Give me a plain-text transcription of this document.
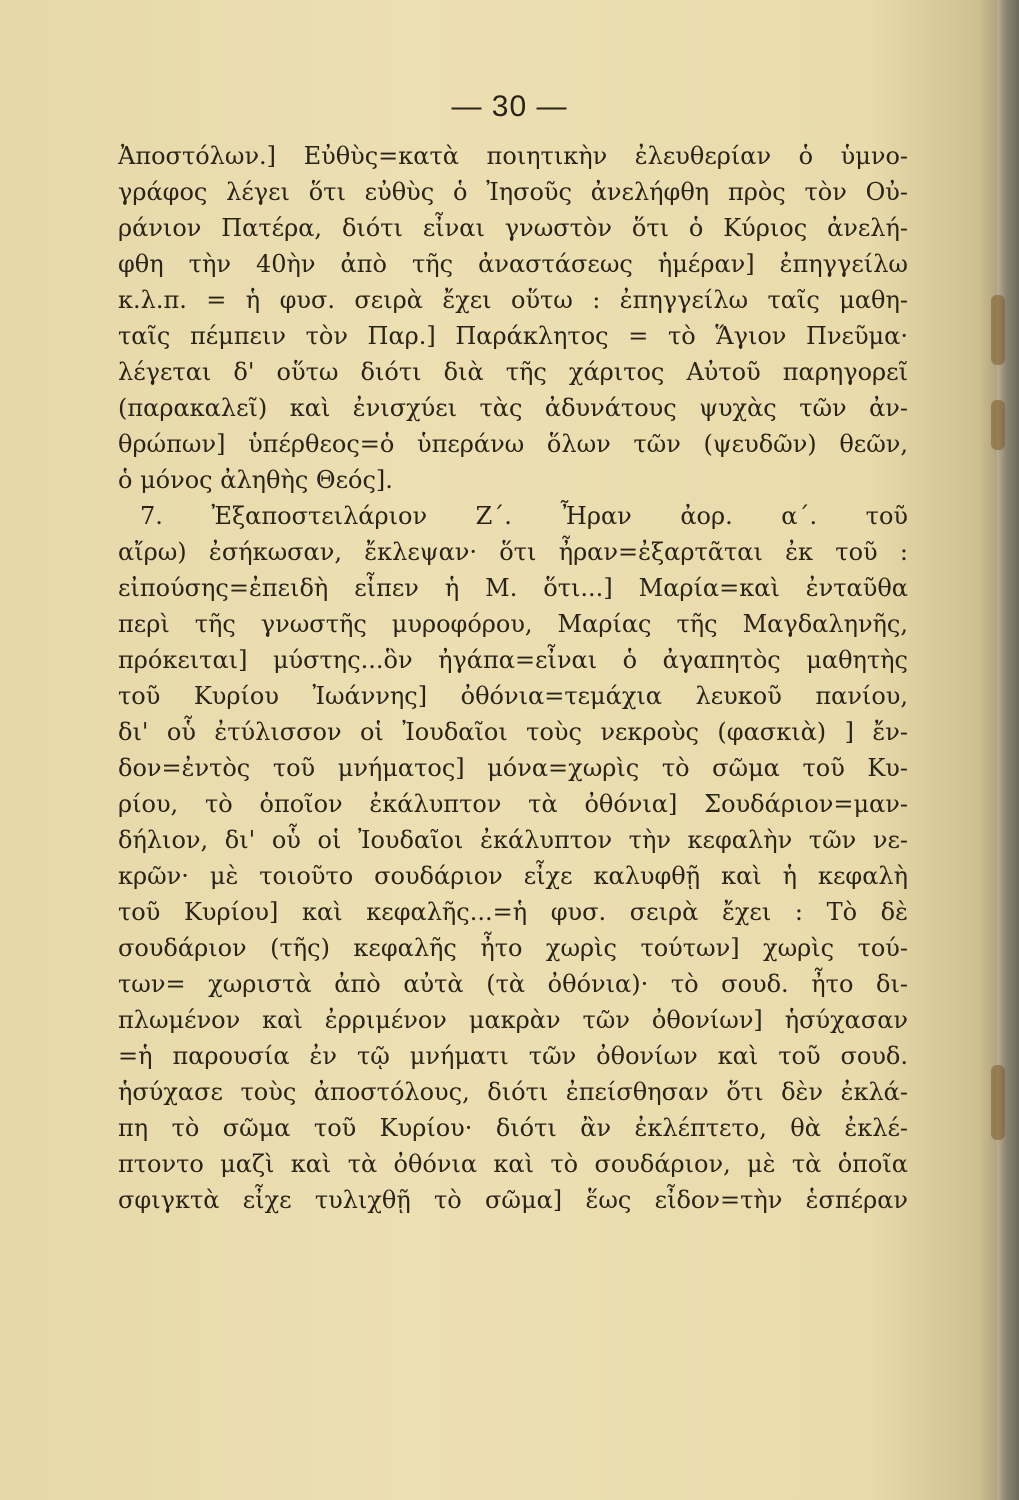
— 30 —
Ἀποστόλων.] Εὐθὺς=κατὰ ποιητικὴν ἐλευθερίαν ὁ ὑμνο-
γράφος λέγει ὅτι εὐθὺς ὁ Ἰησοῦς ἀνελήφθη πρὸς τὸν Οὐ-
ράνιον Πατέρα, διότι εἶναι γνωστὸν ὅτι ὁ Κύριος ἀνελή-
φθη τὴν 40ὴν ἀπὸ τῆς ἀναστάσεως ἡμέραν] ἐπηγγείλω
κ.λ.π. = ἡ φυσ. σειρὰ ἔχει οὕτω : ἐπηγγείλω ταῖς μαθη-
ταῖς πέμπειν τὸν Παρ.] Παράκλητος = τὸ Ἅγιον Πνεῦμα·
λέγεται δ' οὕτω διότι διὰ τῆς χάριτος Αὐτοῦ παρηγορεῖ
(παρακαλεῖ) καὶ ἐνισχύει τὰς ἀδυνάτους ψυχὰς τῶν ἀν-
θρώπων] ὑπέρθεος=ὁ ὑπεράνω ὅλων τῶν (ψευδῶν) θεῶν,
ὁ μόνος ἀληθὴς Θεός].
7. Ἐξαποστειλάριον Ζ΄. Ἦραν ἀορ. α΄. τοῦ
αἴρω) ἐσήκωσαν, ἔκλεψαν· ὅτι ἦραν=ἐξαρτᾶται ἐκ τοῦ :
εἰπούσης=ἐπειδὴ εἶπεν ἡ Μ. ὅτι...] Μαρία=καὶ ἐνταῦθα
περὶ τῆς γνωστῆς μυροφόρου, Μαρίας τῆς Μαγδαληνῆς,
πρόκειται] μύστης...ὃν ἠγάπα=εἶναι ὁ ἀγαπητὸς μαθητὴς
τοῦ Κυρίου Ἰωάννης] ὀθόνια=τεμάχια λευκοῦ πανίου,
δι' οὗ ἐτύλισσον οἱ Ἰουδαῖοι τοὺς νεκροὺς (φασκιὰ) ] ἔν-
δον=ἐντὸς τοῦ μνήματος] μόνα=χωρὶς τὸ σῶμα τοῦ Κυ-
ρίου, τὸ ὁποῖον ἐκάλυπτον τὰ ὀθόνια] Σουδάριον=μαν-
δήλιον, δι' οὗ οἱ Ἰουδαῖοι ἐκάλυπτον τὴν κεφαλὴν τῶν νε-
κρῶν· μὲ τοιοῦτο σουδάριον εἶχε καλυφθῇ καὶ ἡ κεφαλὴ
τοῦ Κυρίου] καὶ κεφαλῆς...=ἡ φυσ. σειρὰ ἔχει : Τὸ δὲ
σουδάριον (τῆς) κεφαλῆς ἦτο χωρὶς τούτων] χωρὶς τού-
των= χωριστὰ ἀπὸ αὐτὰ (τὰ ὀθόνια)· τὸ σουδ. ἦτο δι-
πλωμένον καὶ ἐρριμένον μακρὰν τῶν ὀθονίων] ἡσύχασαν
=ἡ παρουσία ἐν τῷ μνήματι τῶν ὀθονίων καὶ τοῦ σουδ.
ἡσύχασε τοὺς ἀποστόλους, διότι ἐπείσθησαν ὅτι δὲν ἐκλά-
πη τὸ σῶμα τοῦ Κυρίου· διότι ἂν ἐκλέπτετο, θὰ ἐκλέ-
πτοντο μαζὶ καὶ τὰ ὀθόνια καὶ τὸ σουδάριον, μὲ τὰ ὁποῖα
σφιγκτὰ εἶχε τυλιχθῇ τὸ σῶμα] ἕως εἶδον=τὴν ἑσπέραν
